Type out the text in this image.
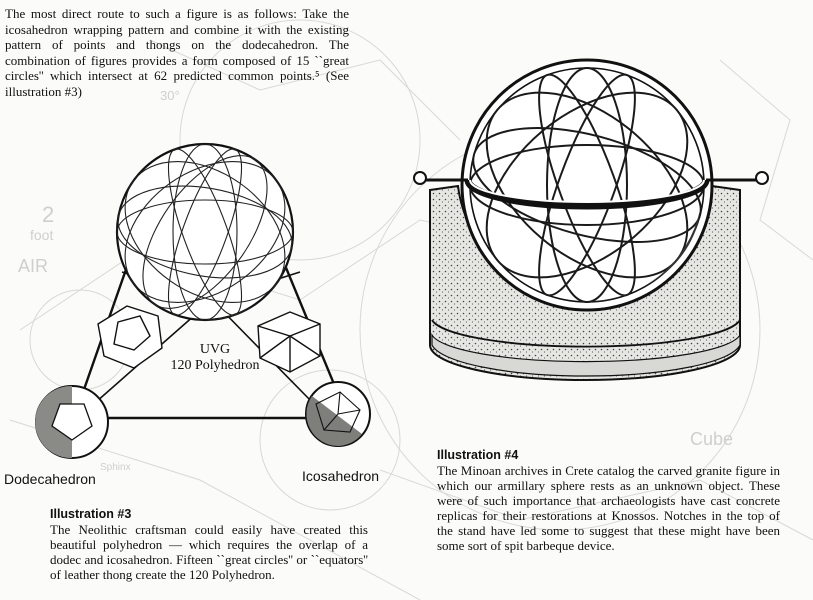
30°
2
foot
AIR
Cube
Sphinx
The most direct route to such a figure is as follows: Take the icosahedron wrapping pattern and combine it with the existing pattern of points and thongs on the dodecahedron. The combination of figures provides a form composed of 15 ``great circles'' which intersect at 62 predicted common points.⁵ (See illustration #3)
UVG
120 Polyhedron
Dodecahedron	Icosahedron
Illustration #3
The Neolithic craftsman could easily have created this beautiful polyhedron — which requires the overlap of a dodec and icosahedron. Fifteen ``great circles'' or ``equators'' of leather thong create the 120 Polyhedron.
Illustration #4
The Minoan archives in Crete catalog the carved granite figure in which our armillary sphere rests as an unknown object. These were of such importance that archaeologists have cast concrete replicas for their restorations at Knossos. Notches in the top of the stand have led some to suggest that these might have been some sort of spit barbeque device.
